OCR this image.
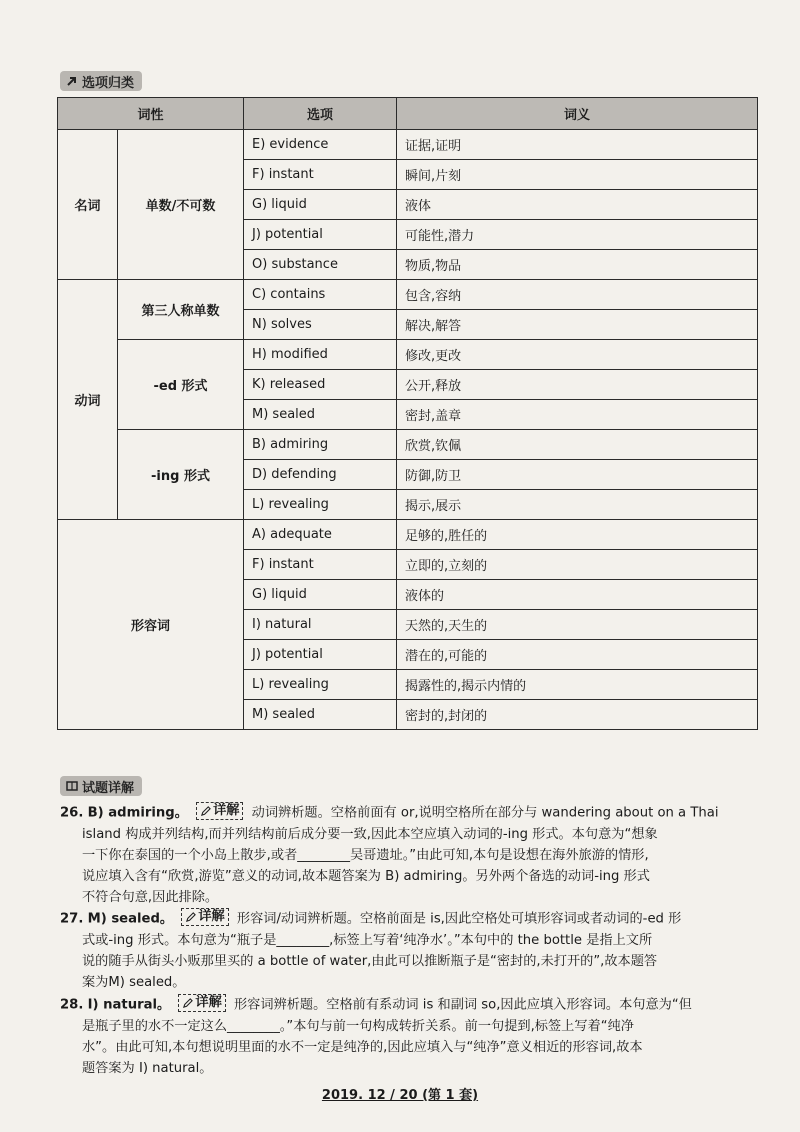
选项归类
词性		选项	词义
名词	单数/不可数	E) evidence	证据,证明
		F) instant	瞬间,片刻
		G) liquid	液体
		J) potential	可能性,潜力
		O) substance	物质,物品
动词	第三人称单数	C) contains	包含,容纳
		N) solves	解决,解答
	-ed 形式	H) modified	修改,更改
		K) released	公开,释放
		M) sealed	密封,盖章
	-ing 形式	B) admiring	欣赏,钦佩
		D) defending	防御,防卫
		L) revealing	揭示,展示
形容词		A) adequate	足够的,胜任的
		F) instant	立即的,立刻的
		G) liquid	液体的
		I) natural	天然的,天生的
		J) potential	潜在的,可能的
		L) revealing	揭露性的,揭示内情的
		M) sealed	密封的,封闭的
试题详解
26. B) admiring。 详解 动词辨析题。空格前面有 or,说明空格所在部分与 wandering about on a Thai
island 构成并列结构,而并列结构前后成分要一致,因此本空应填入动词的-ing 形式。本句意为“想象
一下你在泰国的一个小岛上散步,或者________吴哥遗址。”由此可知,本句是设想在海外旅游的情形,
说应填入含有“欣赏,游览”意义的动词,故本题答案为 B) admiring。另外两个备选的动词-ing 形式
不符合句意,因此排除。
27. M) sealed。 详解 形容词/动词辨析题。空格前面是 is,因此空格处可填形容词或者动词的-ed 形
式或-ing 形式。本句意为“瓶子是________,标签上写着‘纯净水’。”本句中的 the bottle 是指上文所
说的随手从街头小贩那里买的 a bottle of water,由此可以推断瓶子是“密封的,未打开的”,故本题答
案为M) sealed。
28. I) natural。 详解 形容词辨析题。空格前有系动词 is 和副词 so,因此应填入形容词。本句意为“但
是瓶子里的水不一定这么________。”本句与前一句构成转折关系。前一句提到,标签上写着“纯净
水”。由此可知,本句想说明里面的水不一定是纯净的,因此应填入与“纯净”意义相近的形容词,故本
题答案为 I) natural。
2019. 12 / 20 (第 1 套)
